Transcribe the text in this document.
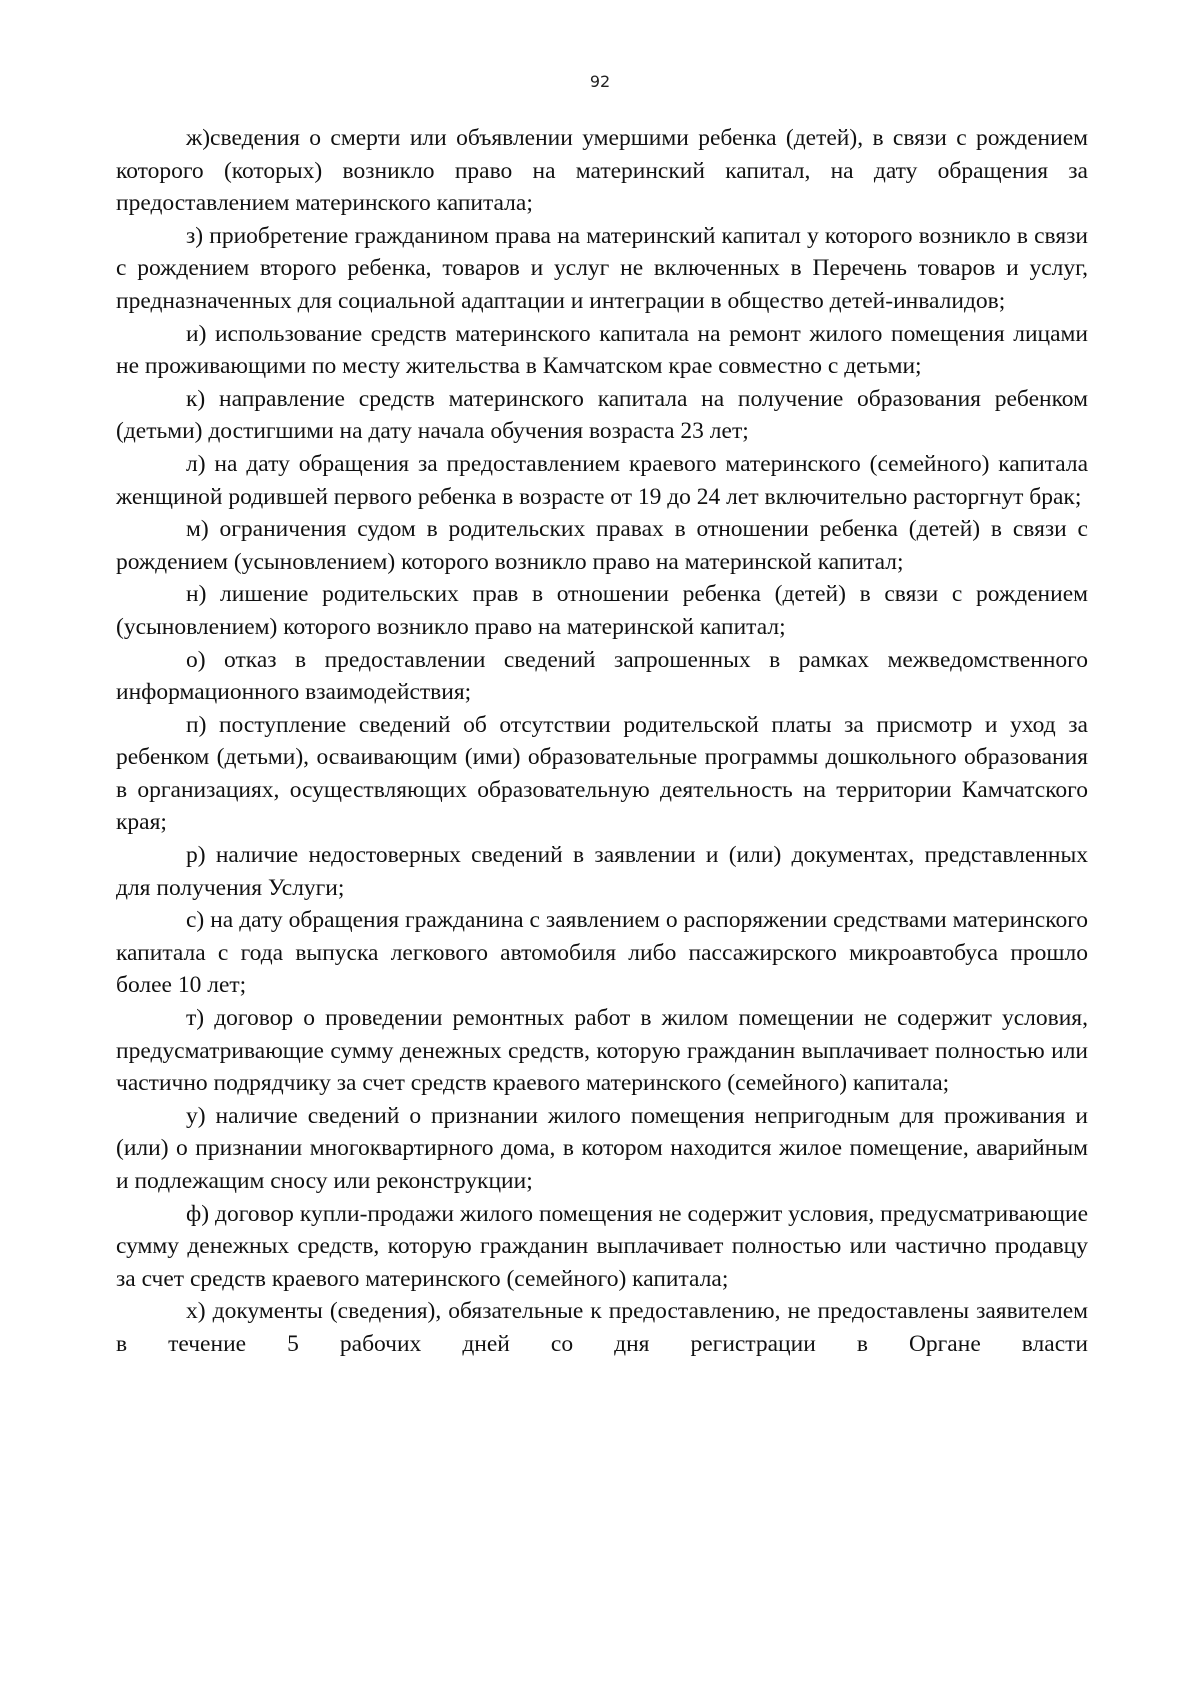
92

ж)сведения о смерти или объявлении умершими ребенка (детей), в связи с рождением которого (которых) возникло право на материнский капитал, на дату обращения за предоставлением материнского капитала;

з) приобретение гражданином права на материнский капитал у которого возникло в связи с рождением второго ребенка, товаров и услуг не включенных в Перечень товаров и услуг, предназначенных для социальной адаптации и интеграции в общество детей-инвалидов;

и) использование средств материнского капитала на ремонт жилого помещения лицами не проживающими по месту жительства в Камчатском крае совместно с детьми;

к) направление средств материнского капитала на получение образования ребенком (детьми) достигшими на дату начала обучения возраста 23 лет;

л) на дату обращения за предоставлением краевого материнского (семейного) капитала женщиной родившей первого ребенка в возрасте от 19 до 24 лет включительно расторгнут брак;

м) ограничения судом в родительских правах в отношении ребенка (детей) в связи с рождением (усыновлением) которого возникло право на материнской капитал;

н) лишение родительских прав в отношении ребенка (детей) в связи с рождением (усыновлением) которого возникло право на материнской капитал;

о) отказ в предоставлении сведений запрошенных в рамках межведомственного информационного взаимодействия;

п) поступление сведений об отсутствии родительской платы за присмотр и уход за ребенком (детьми), осваивающим (ими) образовательные программы дошкольного образования в организациях, осуществляющих образовательную деятельность на территории Камчатского края;

р) наличие недостоверных сведений в заявлении и (или) документах, представленных для получения Услуги;

с) на дату обращения гражданина с заявлением о распоряжении средствами материнского капитала с года выпуска легкового автомобиля либо пассажирского микроавтобуса прошло более 10 лет;

т) договор о проведении ремонтных работ в жилом помещении не содержит условия, предусматривающие сумму денежных средств, которую гражданин выплачивает полностью или частично подрядчику за счет средств краевого материнского (семейного) капитала;

у) наличие сведений о признании жилого помещения непригодным для проживания и (или) о признании многоквартирного дома, в котором находится жилое помещение, аварийным и подлежащим сносу или реконструкции;

ф) договор купли-продажи жилого помещения не содержит условия, предусматривающие сумму денежных средств, которую гражданин выплачивает полностью или частично продавцу за счет средств краевого материнского (семейного) капитала;

х) документы (сведения), обязательные к предоставлению, не предоставлены заявителем в течение 5 рабочих дней со дня регистрации в Органе власти
